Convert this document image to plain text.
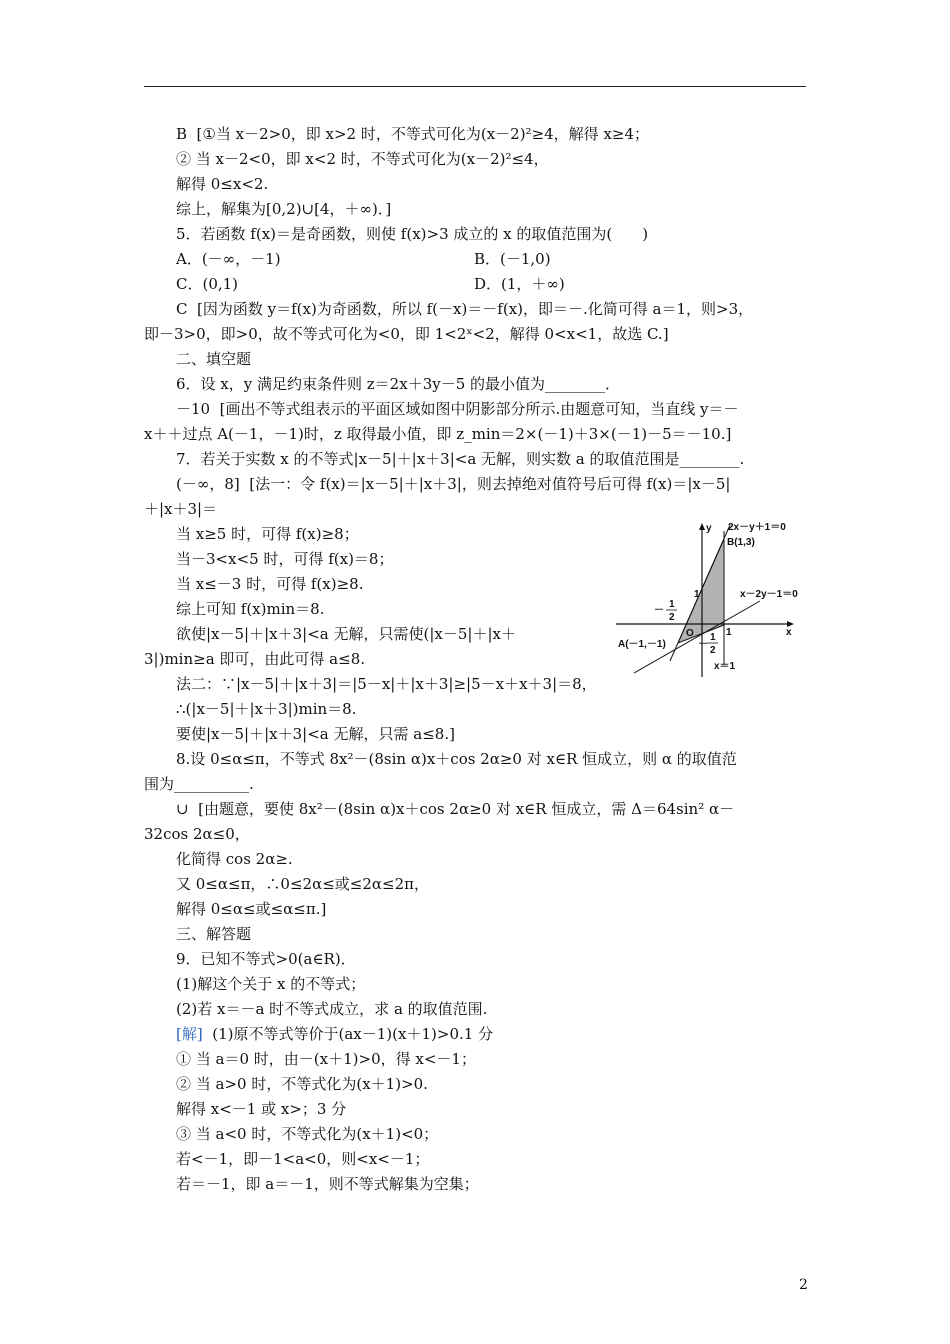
B  [①当 x－2>0，即 x>2 时，不等式可化为(x－2)²≥4，解得 x≥4；
② 当 x－2<0，即 x<2 时，不等式可化为(x－2)²≤4，
解得 0≤x<2.
综上，解集为[0,2)∪[4，＋∞)．]
5．若函数 f(x)＝是奇函数，则使 f(x)>3 成立的 x 的取值范围为(　　)
A．(－∞，－1)	B．(－1,0)
C．(0,1)	D．(1，＋∞)
C  [因为函数 y＝f(x)为奇函数，所以 f(－x)＝－f(x)，即＝－.化简可得 a＝1，则>3，
即－3>0，即>0，故不等式可化为<0，即 1<2ˣ<2，解得 0<x<1，故选 C.]
二、填空题
6．设 x，y 满足约束条件则 z＝2x＋3y－5 的最小值为________．
－10  [画出不等式组表示的平面区域如图中阴影部分所示.由题意可知，当直线 y＝－
x＋＋过点 A(－1，－1)时，z 取得最小值，即 z_min＝2×(－1)＋3×(－1)－5＝－10.]
7．若关于实数 x 的不等式|x－5|＋|x＋3|<a 无解，则实数 a 的取值范围是________.
(－∞，8]  [法一：令 f(x)＝|x－5|＋|x＋3|，则去掉绝对值符号后可得 f(x)＝|x－5|
＋|x＋3|＝
当 x≥5 时，可得 f(x)≥8；
当－3<x<5 时，可得 f(x)＝8；
当 x≤－3 时，可得 f(x)≥8.
综上可知 f(x)min＝8.
欲使|x－5|＋|x＋3|<a 无解，只需使(|x－5|＋|x＋
3|)min≥a 即可，由此可得 a≤8.
法二：∵|x－5|＋|x＋3|＝|5－x|＋|x＋3|≥|5－x＋x＋3|＝8，
∴(|x－5|＋|x＋3|)min＝8.
要使|x－5|＋|x＋3|<a 无解，只需 a≤8.]
8.设 0≤α≤π，不等式 8x²－(8sin α)x＋cos 2α≥0 对 x∈R 恒成立，则 α 的取值范
围为__________.
∪  [由题意，要使 8x²－(8sin α)x＋cos 2α≥0 对 x∈R 恒成立，需 Δ＝64sin² α－
32cos 2α≤0，
化简得 cos 2α≥.
又 0≤α≤π，∴0≤2α≤或≤2α≤2π，
解得 0≤α≤或≤α≤π.]
三、解答题
9．已知不等式>0(a∈R)．
(1)解这个关于 x 的不等式；
(2)若 x＝－a 时不等式成立，求 a 的取值范围.
[解] (1)原不等式等价于(ax－1)(x＋1)>0.1 分
① 当 a＝0 时，由－(x＋1)>0，得 x<－1；
② 当 a>0 时，不等式化为(x＋1)>0.
解得 x<－1 或 x>；3 分
③ 当 a<0 时，不等式化为(x＋1)<0；
若<－1，即－1<a<0，则<x<－1；
若＝－1，即 a＝－1，则不等式解集为空集；
y
x
2x－y＋1＝0
B(1,3)
x－2y－1＝0
x＝1
A(－1,－1)
O
1
1
－
1
2
－
1
2
2
